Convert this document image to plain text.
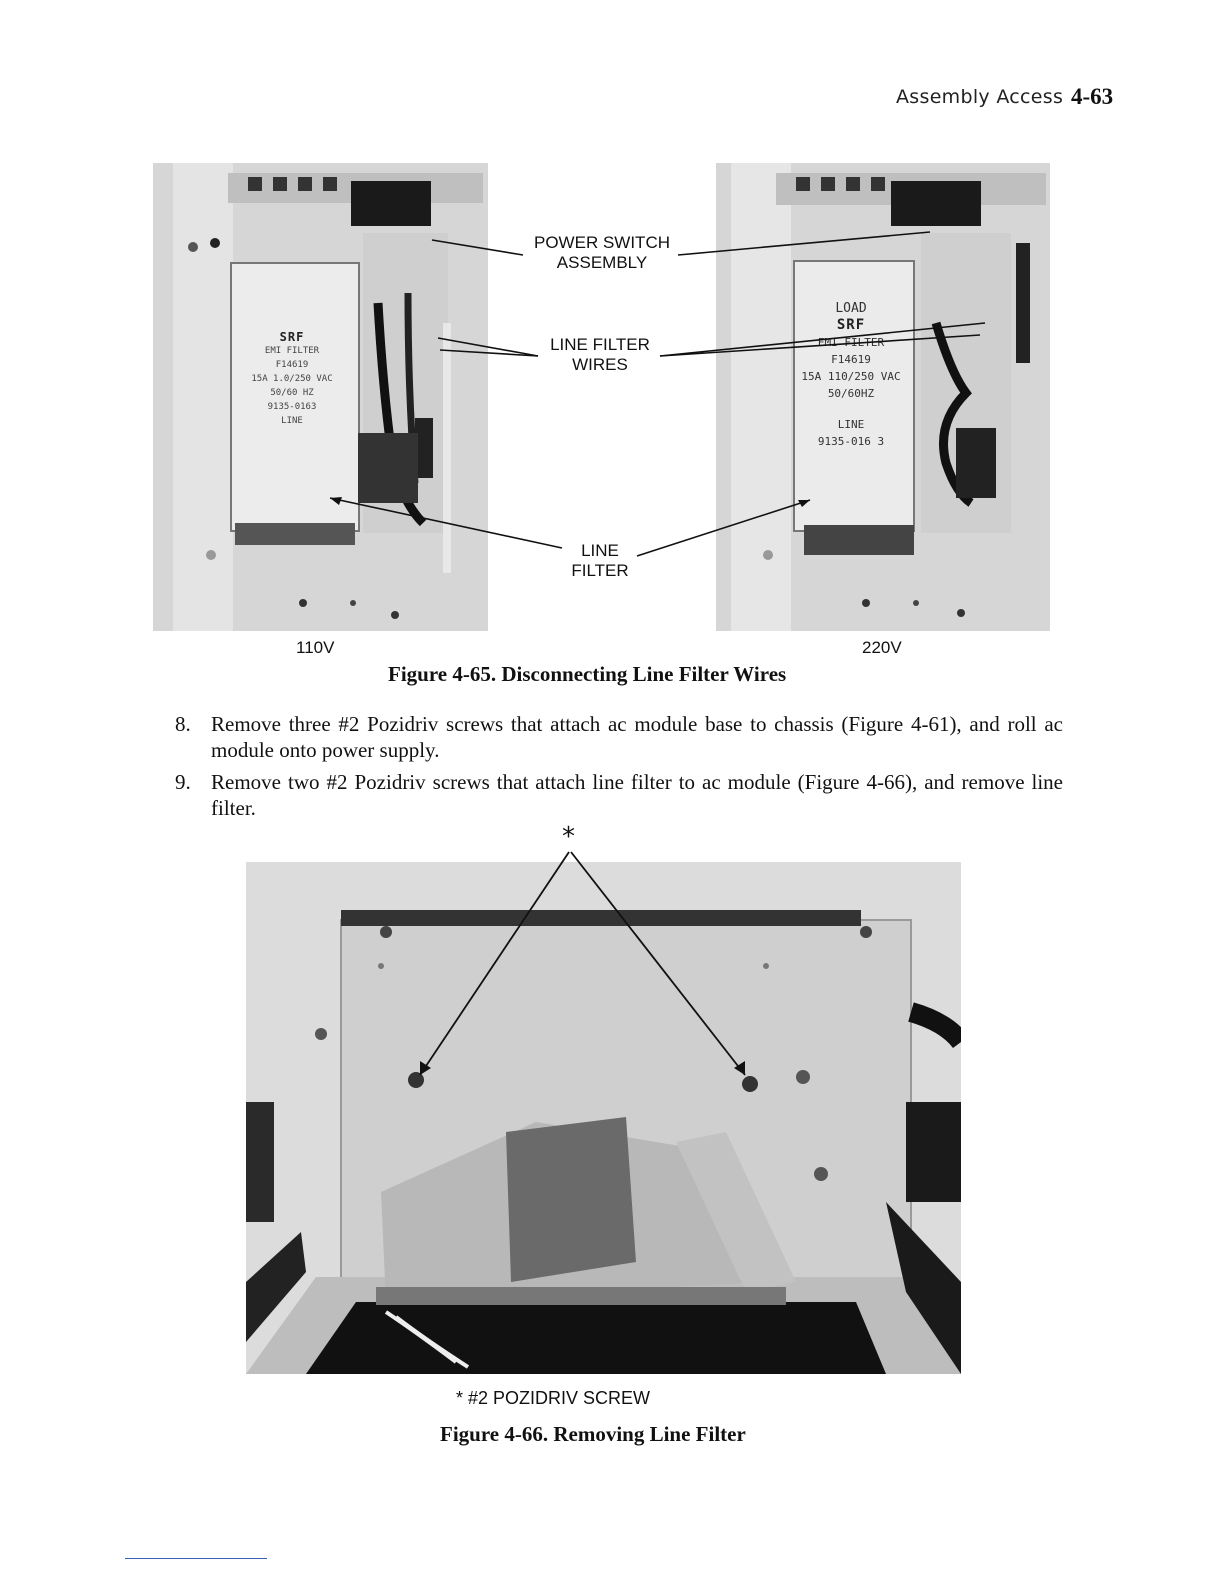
Assembly Access 4-63
SRF
EMI FILTER
F14619
15A 1.0/250 VAC
50/60 HZ
9135-0163
LINE
LOAD
SRF
EMI FILTER
F14619
15A 110/250 VAC
50/60HZ
LINE
9135-016 3
POWER SWITCH
ASSEMBLY
LINE FILTER
WIRES
LINE
FILTER
110V	220V
Figure 4-65. Disconnecting Line Filter Wires
8. Remove three #2 Pozidriv screws that attach ac module base to chassis (Figure 4-61), and roll ac module onto power supply.
9. Remove two #2 Pozidriv screws that attach line filter to ac module (Figure 4-66), and remove line filter.
*
* #2 POZIDRIV SCREW
Figure 4-66. Removing Line Filter
